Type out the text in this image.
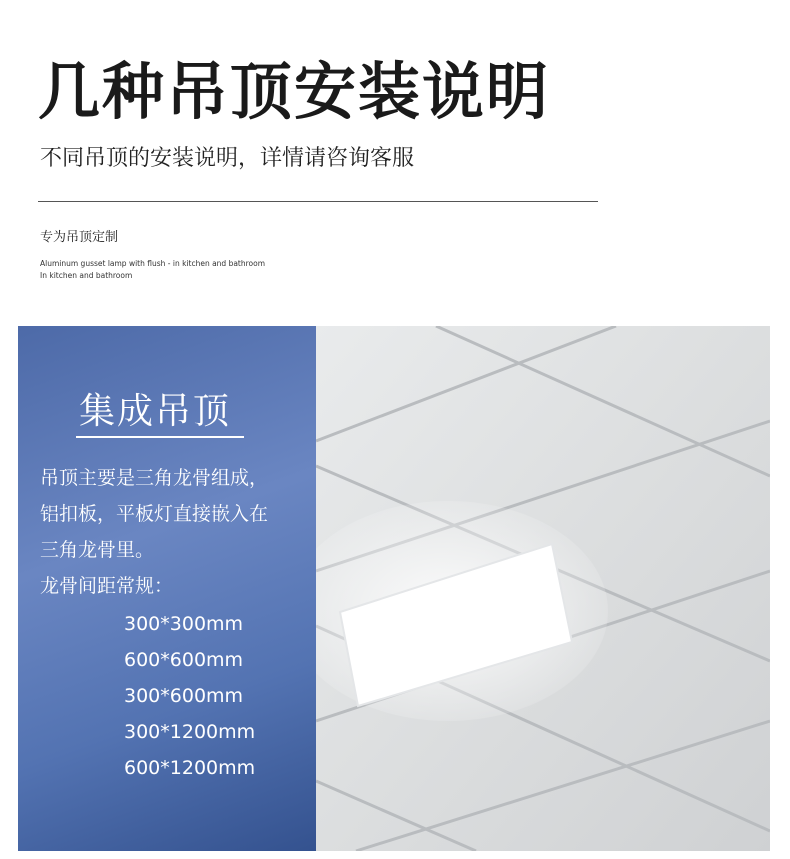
几种吊顶安装说明
不同吊顶的安装说明，详情请咨询客服
专为吊顶定制
Aluminum gusset lamp with flush - in kitchen and bathroom In kitchen and bathroom
集成吊顶
吊顶主要是三角龙骨组成，
铝扣板，平板灯直接嵌入在
三角龙骨里。
龙骨间距常规：
300*300mm
600*600mm
300*600mm
300*1200mm
600*1200mm
